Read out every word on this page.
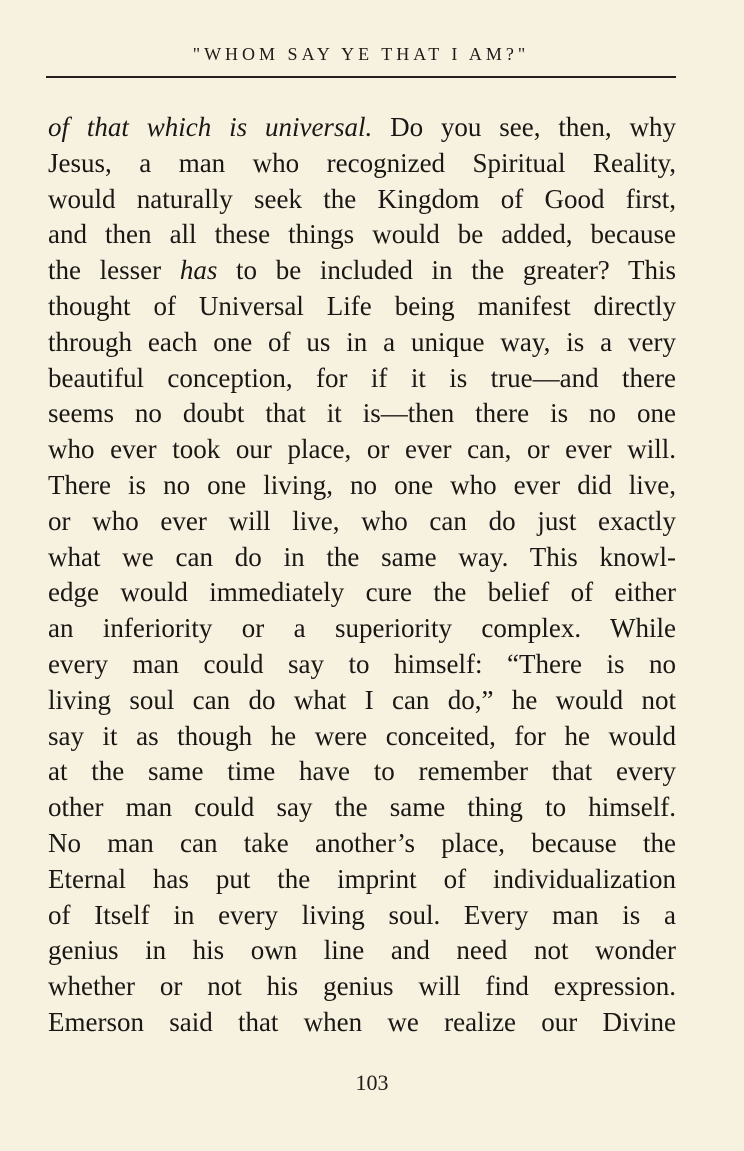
"WHOM SAY YE THAT I AM?"
of that which is universal. Do you see, then, why
Jesus, a man who recognized Spiritual Reality,
would naturally seek the Kingdom of Good first,
and then all these things would be added, because
the lesser has to be included in the greater? This
thought of Universal Life being manifest directly
through each one of us in a unique way, is a very
beautiful conception, for if it is true—and there
seems no doubt that it is—then there is no one
who ever took our place, or ever can, or ever will.
There is no one living, no one who ever did live,
or who ever will live, who can do just exactly
what we can do in the same way. This knowl-
edge would immediately cure the belief of either
an inferiority or a superiority complex. While
every man could say to himself: “There is no
living soul can do what I can do,” he would not
say it as though he were conceited, for he would
at the same time have to remember that every
other man could say the same thing to himself.
No man can take another’s place, because the
Eternal has put the imprint of individualization
of Itself in every living soul. Every man is a
genius in his own line and need not wonder
whether or not his genius will find expression.
Emerson said that when we realize our Divine
103
